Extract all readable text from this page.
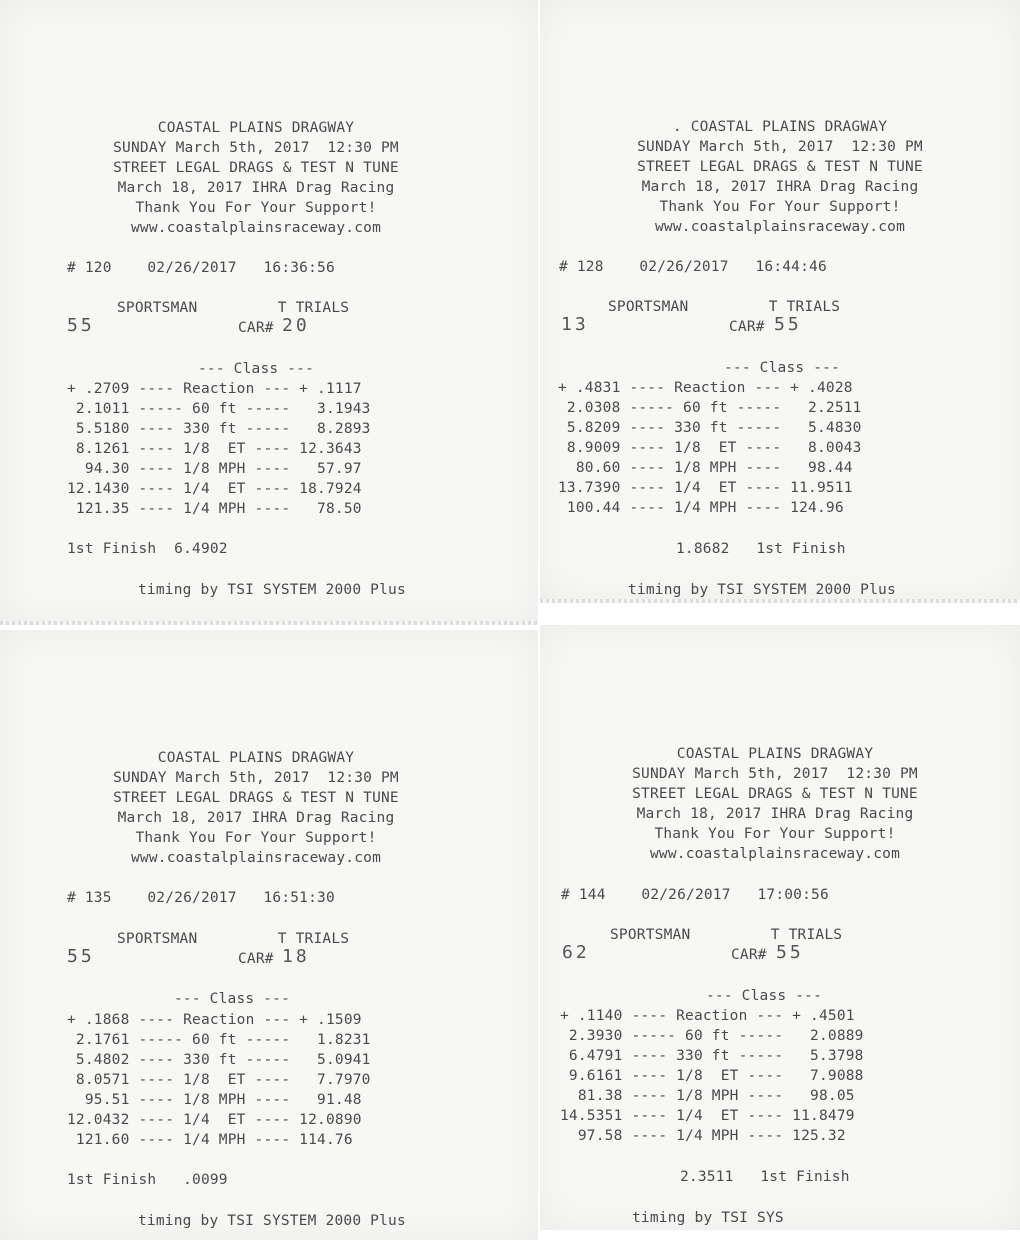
COASTAL PLAINS DRAGWAY
SUNDAY March 5th, 2017  12:30 PM
STREET LEGAL DRAGS & TEST N TUNE
March 18, 2017 IHRA Drag Racing
Thank You For Your Support!
www.coastalplainsraceway.com
# 120    02/26/2017   16:36:56
SPORTSMAN         T TRIALS
55	CAR# 20
--- Class ---
+ .2709 ---- Reaction --- + .1117
2.1011 ----- 60 ft -----   3.1943
5.5180 ---- 330 ft -----   8.2893
8.1261 ---- 1/8  ET ---- 12.3643
94.30 ---- 1/8 MPH ----   57.97
12.1430 ---- 1/4  ET ---- 18.7924
121.35 ---- 1/4 MPH ----   78.50
1st Finish  6.4902
timing by TSI SYSTEM 2000 Plus
. COASTAL PLAINS DRAGWAY
SUNDAY March 5th, 2017  12:30 PM
STREET LEGAL DRAGS & TEST N TUNE
March 18, 2017 IHRA Drag Racing
Thank You For Your Support!
www.coastalplainsraceway.com
# 128    02/26/2017   16:44:46
SPORTSMAN         T TRIALS
13	CAR# 55
--- Class ---
+ .4831 ---- Reaction --- + .4028
2.0308 ----- 60 ft -----   2.2511
5.8209 ---- 330 ft -----   5.4830
8.9009 ---- 1/8  ET ----   8.0043
80.60 ---- 1/8 MPH ----   98.44
13.7390 ---- 1/4  ET ---- 11.9511
100.44 ---- 1/4 MPH ---- 124.96
1.8682   1st Finish
timing by TSI SYSTEM 2000 Plus
COASTAL PLAINS DRAGWAY
SUNDAY March 5th, 2017  12:30 PM
STREET LEGAL DRAGS & TEST N TUNE
March 18, 2017 IHRA Drag Racing
Thank You For Your Support!
www.coastalplainsraceway.com
# 135    02/26/2017   16:51:30
SPORTSMAN         T TRIALS
55	CAR# 18
--- Class ---
+ .1868 ---- Reaction --- + .1509
2.1761 ----- 60 ft -----   1.8231
5.4802 ---- 330 ft -----   5.0941
8.0571 ---- 1/8  ET ----   7.7970
95.51 ---- 1/8 MPH ----   91.48
12.0432 ---- 1/4  ET ---- 12.0890
121.60 ---- 1/4 MPH ---- 114.76
1st Finish   .0099
timing by TSI SYSTEM 2000 Plus
COASTAL PLAINS DRAGWAY
SUNDAY March 5th, 2017  12:30 PM
STREET LEGAL DRAGS & TEST N TUNE
March 18, 2017 IHRA Drag Racing
Thank You For Your Support!
www.coastalplainsraceway.com
# 144    02/26/2017   17:00:56
SPORTSMAN         T TRIALS
62	CAR# 55
--- Class ---
+ .1140 ---- Reaction --- + .4501
2.3930 ----- 60 ft -----   2.0889
6.4791 ---- 330 ft -----   5.3798
9.6161 ---- 1/8  ET ----   7.9088
81.38 ---- 1/8 MPH ----   98.05
14.5351 ---- 1/4  ET ---- 11.8479
97.58 ---- 1/4 MPH ---- 125.32
2.3511   1st Finish
timing by TSI SYS
